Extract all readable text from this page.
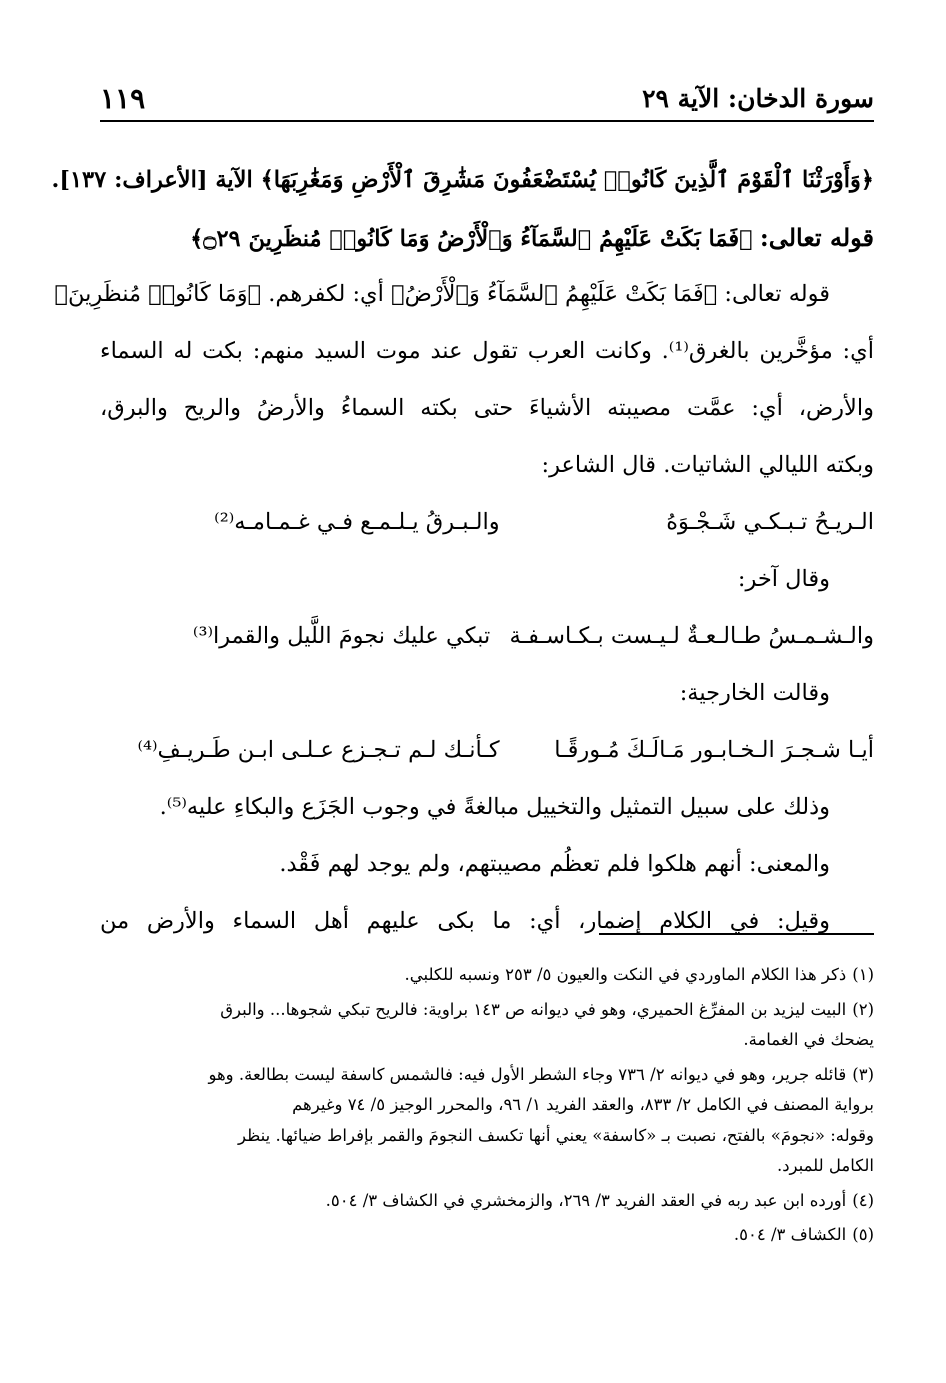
سورة الدخان: الآية ٢٩
١١٩
﴿وَأَوْرَثْنَا ٱلْقَوْمَ ٱلَّذِينَ كَانُوا۟ يُسْتَضْعَفُونَ مَشَٰرِقَ ٱلْأَرْضِ وَمَغَٰرِبَهَا﴾ الآية [الأعراف: ١٣٧].
قوله تعالى: ﴿فَمَا بَكَتْ عَلَيْهِمُ ٱلسَّمَآءُ وَٱلْأَرْضُ وَمَا كَانُوا۟ مُنظَرِينَ ۝٢٩﴾
قوله تعالى: ﴿فَمَا بَكَتْ عَلَيْهِمُ ٱلسَّمَآءُ وَٱلْأَرْضُ﴾ أي: لكفرهم. ﴿وَمَا كَانُوا۟ مُنظَرِينَ﴾
أي: مؤخَّرين بالغرق⁽¹⁾. وكانت العرب تقول عند موت السيد منهم: بكت له السماء
والأرض، أي: عمَّت مصيبته الأشياءَ حتى بكته السماءُ والأرضُ والريح والبرق،
وبكته الليالي الشاتيات. قال الشاعر:
الـريـحُ تـبـكـي شَـجْـوَهُ
والـبـرقُ يـلـمـع فـي غـمـامـه⁽²⁾
وقال آخر:
والـشـمـسُ طـالـعـةٌ لـيـست بـكـاسـفـة
تبكي عليك نجومَ اللَّيل والقمرا⁽³⁾
وقالت الخارجية:
أيـا شـجـرَ الـخـابـور مَـالَـكَ مُـورقًـا
كـأنـك لـم تـجـزع عـلـى ابـن طَـريـفِ⁽⁴⁾
وذلك على سبيل التمثيل والتخييل مبالغةً في وجوب الجَزَع والبكاءِ عليه⁽⁵⁾.
والمعنى: أنهم هلكوا فلم تعظُم مصيبتهم، ولم يوجد لهم فَقْد.
وقيل: في الكلام إضمار، أي: ما بكى عليهم أهل السماء والأرض من
(١)ذكر هذا الكلام الماوردي في النكت والعيون ٥/ ٢٥٣ ونسبه للكلبي.
(٢)البيت ليزيد بن المفرِّغ الحميري، وهو في ديوانه ص ١٤٣ براوية: فالريح تبكي شجوها... والبرق
يضحك في الغمامة.
(٣)قائله جرير، وهو في ديوانه ٢/ ٧٣٦ وجاء الشطر الأول فيه: فالشمس كاسفة ليست بطالعة. وهو
برواية المصنف في الكامل ٢/ ٨٣٣، والعقد الفريد ١/ ٩٦، والمحرر الوجيز ٥/ ٧٤ وغيرهم
وقوله: «نجومَ» بالفتح، نصبت بـ «كاسفة» يعني أنها تكسف النجومَ والقمر بإفراط ضيائها. ينظر
الكامل للمبرد.
(٤)أورده ابن عبد ربه في العقد الفريد ٣/ ٢٦٩، والزمخشري في الكشاف ٣/ ٥٠٤.
(٥)الكشاف ٣/ ٥٠٤.
